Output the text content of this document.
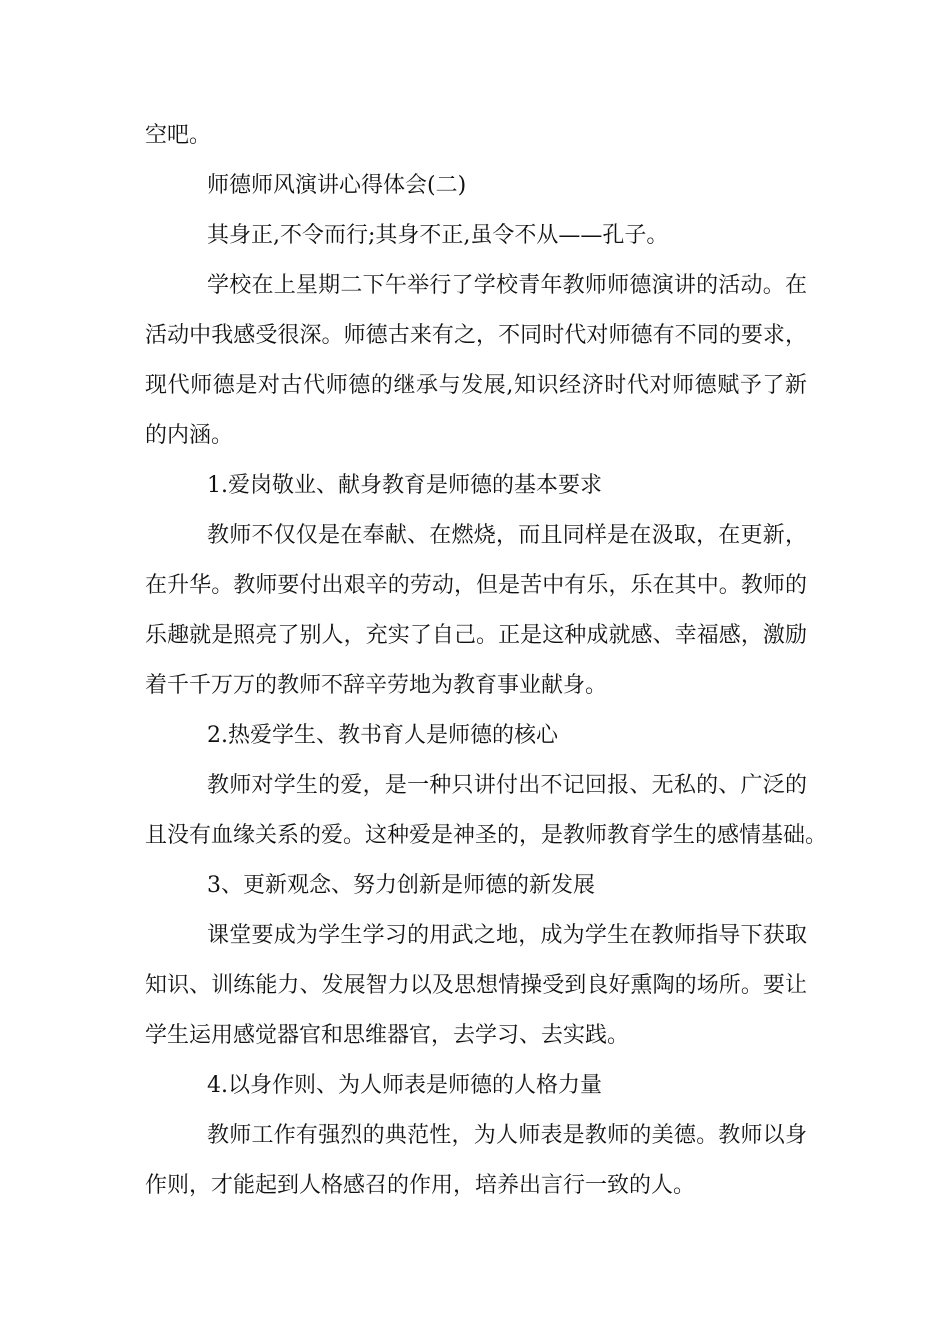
空吧。
师德师风演讲心得体会(二)
其身正,不令而行;其身不正,虽令不从——孔子。
学校在上星期二下午举行了学校青年教师师德演讲的活动。在
活动中我感受很深。师德古来有之，不同时代对师德有不同的要求，
现代师德是对古代师德的继承与发展,知识经济时代对师德赋予了新
的内涵。
1.爱岗敬业、献身教育是师德的基本要求
教师不仅仅是在奉献、在燃烧，而且同样是在汲取，在更新，
在升华。教师要付出艰辛的劳动，但是苦中有乐，乐在其中。教师的
乐趣就是照亮了别人，充实了自己。正是这种成就感、幸福感，激励
着千千万万的教师不辞辛劳地为教育事业献身。
2.热爱学生、教书育人是师德的核心
教师对学生的爱，是一种只讲付出不记回报、无私的、广泛的
且没有血缘关系的爱。这种爱是神圣的，是教师教育学生的感情基础。
3、更新观念、努力创新是师德的新发展
课堂要成为学生学习的用武之地，成为学生在教师指导下获取
知识、训练能力、发展智力以及思想情操受到良好熏陶的场所。要让
学生运用感觉器官和思维器官，去学习、去实践。
4.以身作则、为人师表是师德的人格力量
教师工作有强烈的典范性，为人师表是教师的美德。教师以身
作则，才能起到人格感召的作用，培养出言行一致的人。
